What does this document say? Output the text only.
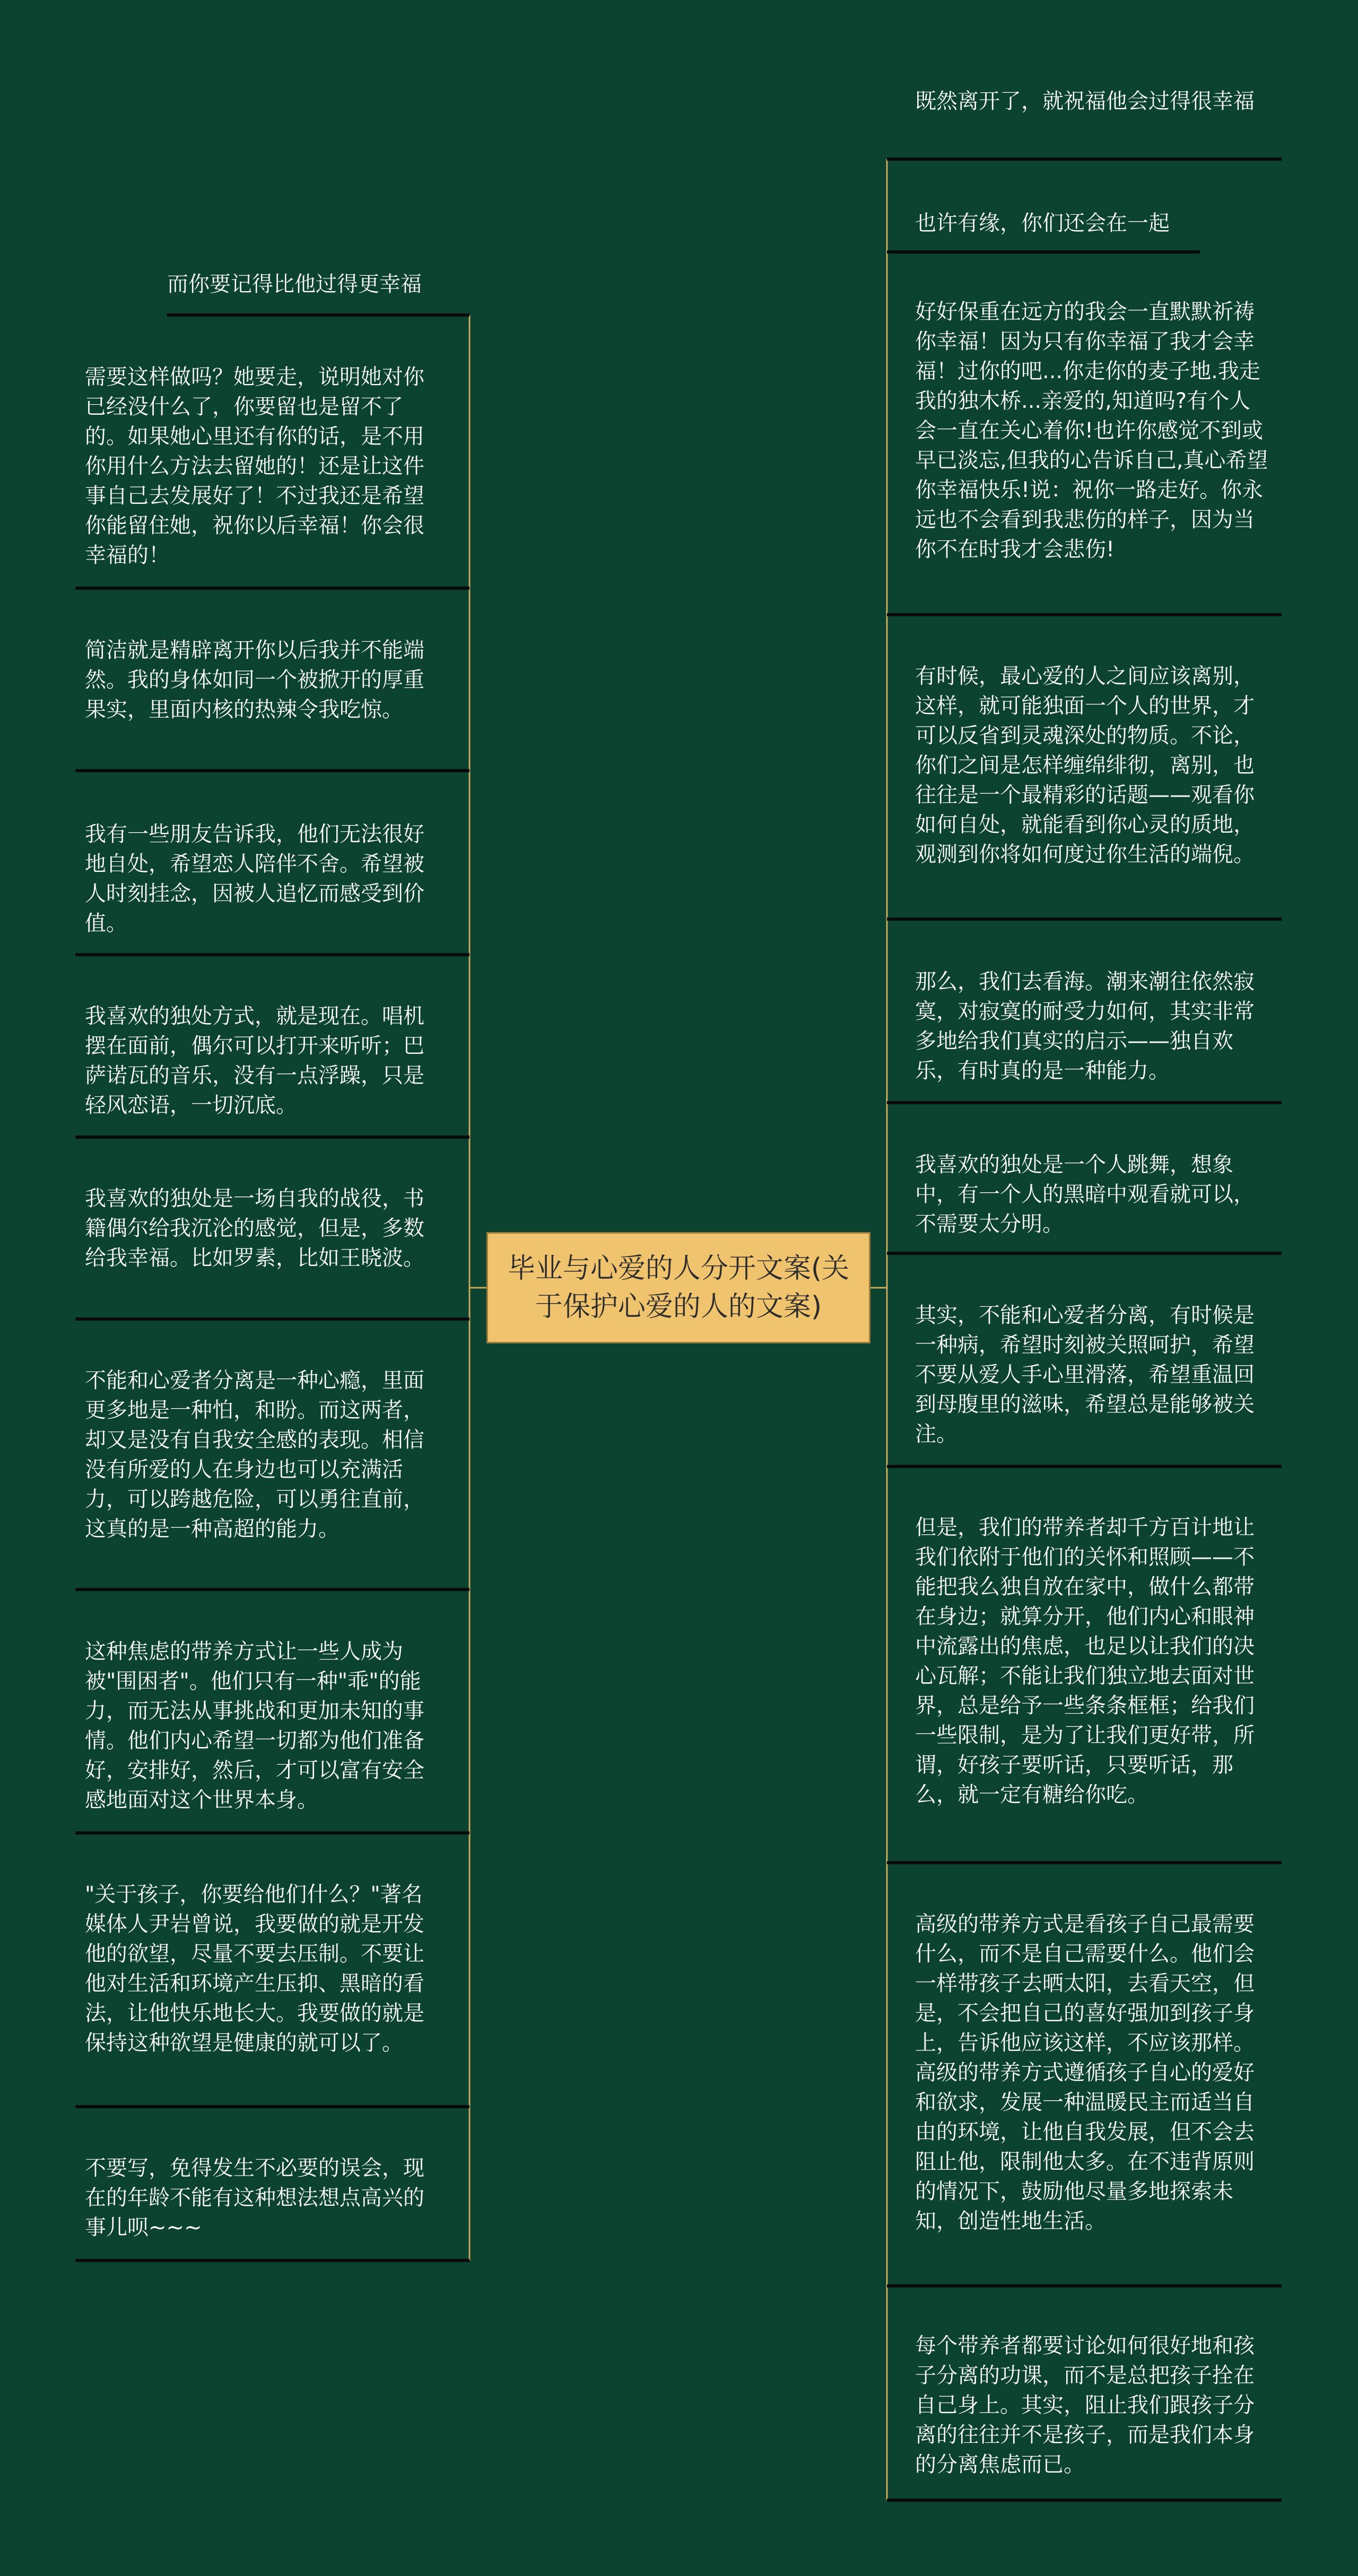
毕业与心爱的人分开文案(关于保护心爱的人的文案)
而你要记得比他过得更幸福
需要这样做吗？她要走，说明她对你已经没什么了，你要留也是留不了的。如果她心里还有你的话，是不用你用什么方法去留她的！还是让这件事自己去发展好了！不过我还是希望你能留住她，祝你以后幸福！你会很幸福的！
简洁就是精辟离开你以后我并不能端然。我的身体如同一个被掀开的厚重果实，里面内核的热辣令我吃惊。
我有一些朋友告诉我，他们无法很好地自处，希望恋人陪伴不舍。希望被人时刻挂念，因被人追忆而感受到价值。
我喜欢的独处方式，就是现在。唱机摆在面前，偶尔可以打开来听听；巴萨诺瓦的音乐，没有一点浮躁，只是轻风恋语，一切沉底。
我喜欢的独处是一场自我的战役，书籍偶尔给我沉沦的感觉，但是，多数给我幸福。比如罗素，比如王晓波。
不能和心爱者分离是一种心瘾，里面更多地是一种怕，和盼。而这两者，却又是没有自我安全感的表现。相信没有所爱的人在身边也可以充满活力，可以跨越危险，可以勇往直前，这真的是一种高超的能力。
这种焦虑的带养方式让一些人成为被"围困者"。他们只有一种"乖"的能力，而无法从事挑战和更加未知的事情。他们内心希望一切都为他们准备好，安排好，然后，才可以富有安全感地面对这个世界本身。
"关于孩子，你要给他们什么？"著名媒体人尹岩曾说，我要做的就是开发他的欲望，尽量不要去压制。不要让他对生活和环境产生压抑、黑暗的看法，让他快乐地长大。我要做的就是保持这种欲望是健康的就可以了。
不要写，免得发生不必要的误会，现在的年龄不能有这种想法想点高兴的事儿呗~~~
既然离开了，就祝福他会过得很幸福
也许有缘，你们还会在一起
好好保重在远方的我会一直默默祈祷你幸福！因为只有你幸福了我才会幸福！过你的吧...你走你的麦子地.我走我的独木桥...亲爱的,知道吗?有个人会一直在关心着你!也许你感觉不到或早已淡忘,但我的心告诉自己,真心希望你幸福快乐!说：祝你一路走好。你永远也不会看到我悲伤的样子，因为当你不在时我才会悲伤!
有时候，最心爱的人之间应该离别，这样，就可能独面一个人的世界，才可以反省到灵魂深处的物质。不论，你们之间是怎样缠绵绯彻，离别，也往往是一个最精彩的话题——观看你如何自处，就能看到你心灵的质地，观测到你将如何度过你生活的端倪。
那么，我们去看海。潮来潮往依然寂寞，对寂寞的耐受力如何，其实非常多地给我们真实的启示——独自欢乐，有时真的是一种能力。
我喜欢的独处是一个人跳舞，想象中，有一个人的黑暗中观看就可以，不需要太分明。
其实，不能和心爱者分离，有时候是一种病，希望时刻被关照呵护，希望不要从爱人手心里滑落，希望重温回到母腹里的滋味，希望总是能够被关注。
但是，我们的带养者却千方百计地让我们依附于他们的关怀和照顾——不能把我么独自放在家中，做什么都带在身边；就算分开，他们内心和眼神中流露出的焦虑，也足以让我们的决心瓦解；不能让我们独立地去面对世界，总是给予一些条条框框；给我们一些限制，是为了让我们更好带，所谓，好孩子要听话，只要听话，那么，就一定有糖给你吃。
高级的带养方式是看孩子自己最需要什么，而不是自己需要什么。他们会一样带孩子去晒太阳，去看天空，但是，不会把自己的喜好强加到孩子身上，告诉他应该这样，不应该那样。高级的带养方式遵循孩子自心的爱好和欲求，发展一种温暖民主而适当自由的环境，让他自我发展，但不会去阻止他，限制他太多。在不违背原则的情况下，鼓励他尽量多地探索未知，创造性地生活。
每个带养者都要讨论如何很好地和孩子分离的功课，而不是总把孩子拴在自己身上。其实，阻止我们跟孩子分离的往往并不是孩子，而是我们本身的分离焦虑而已。
